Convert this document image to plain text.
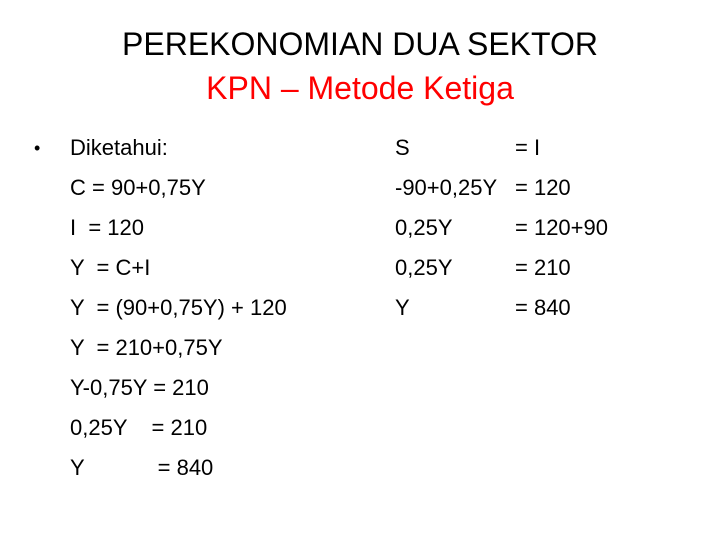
PEREKONOMIAN DUA SEKTOR
KPN – Metode Ketiga
• Diketahui:
C = 90+0,75Y
I  = 120
Y  = C+I
Y  = (90+0,75Y) + 120
Y  = 210+0,75Y
Y-0,75Y = 210
0,25Y    = 210
Y            = 840
S	= I
-90+0,25Y = 120
0,25Y	= 120+90
0,25Y	= 210
Y	= 840
